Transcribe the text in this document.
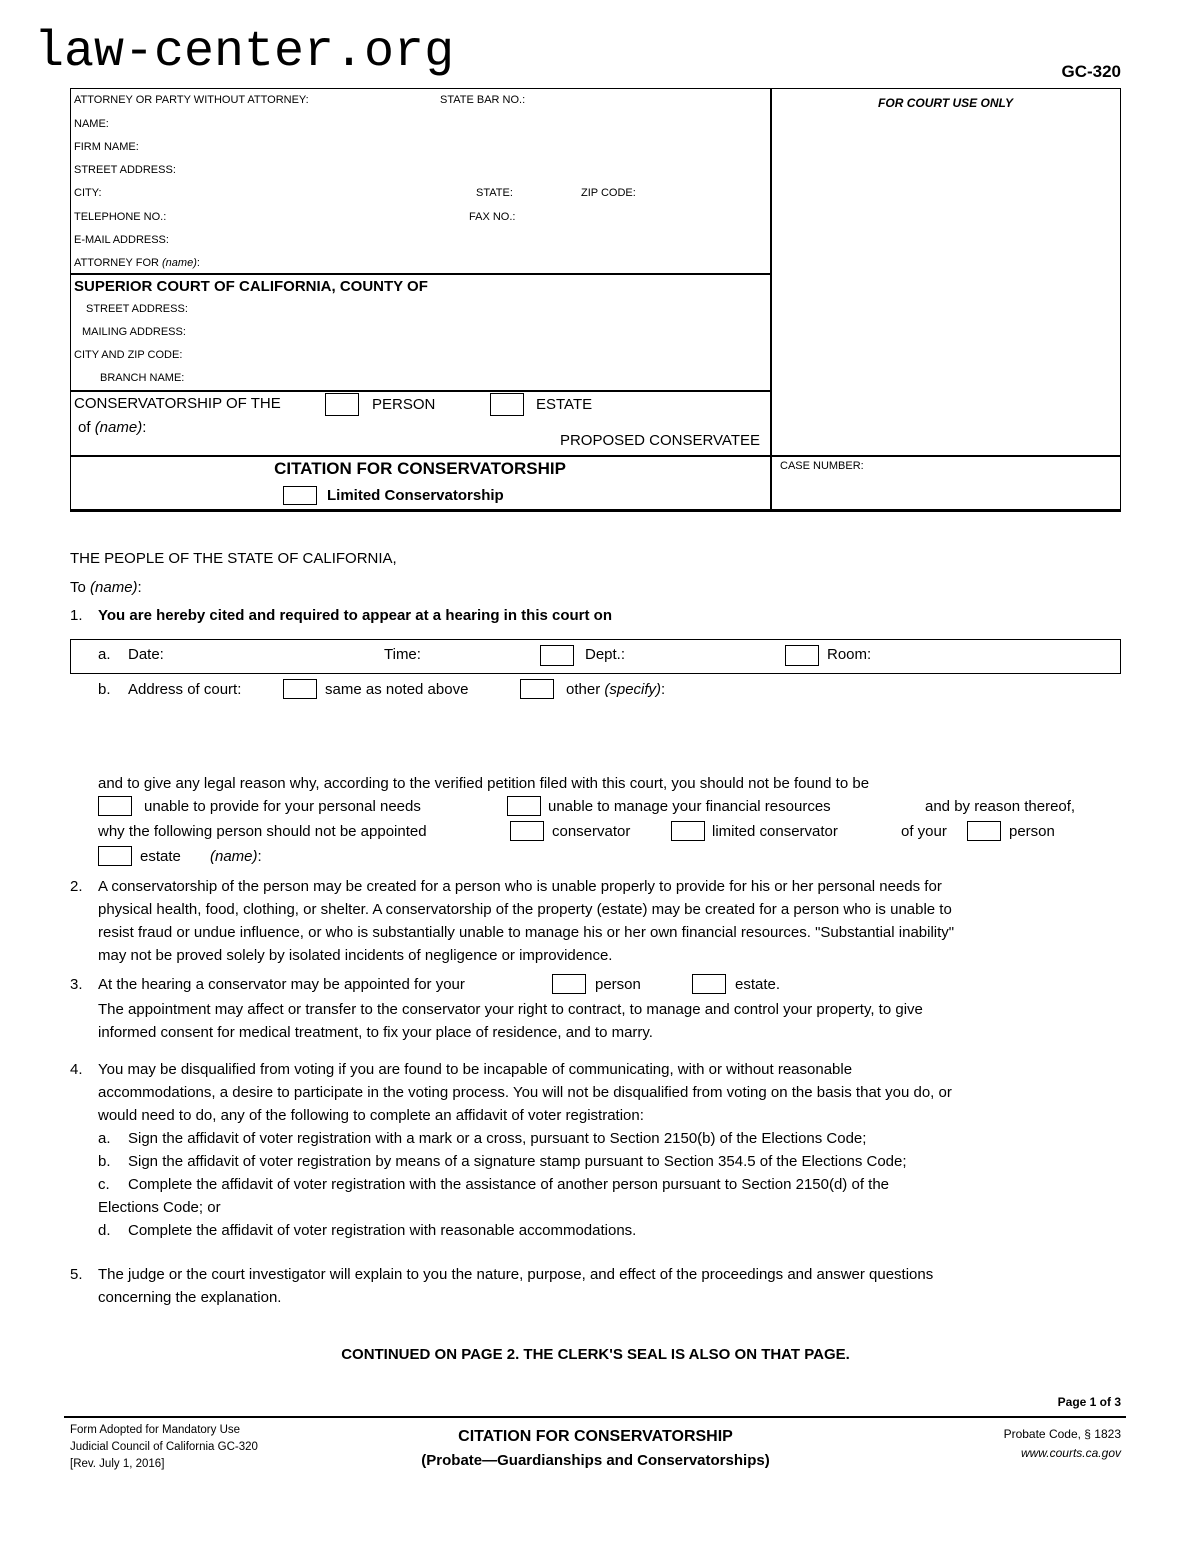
law-center.org	GC-320
ATTORNEY OR PARTY WITHOUT ATTORNEY:	STATE BAR NO.:
NAME:
FIRM NAME:
STREET ADDRESS:
CITY:	STATE:	ZIP CODE:
TELEPHONE NO.:	FAX NO.:
E-MAIL ADDRESS:
ATTORNEY FOR (name):
FOR COURT USE ONLY
SUPERIOR COURT OF CALIFORNIA, COUNTY OF
STREET ADDRESS:
MAILING ADDRESS:
CITY AND ZIP CODE:
BRANCH NAME:
CONSERVATORSHIP OF THE	PERSON	ESTATE
of (name):
PROPOSED CONSERVATEE
CITATION FOR CONSERVATORSHIP
Limited Conservatorship
CASE NUMBER:
THE PEOPLE OF THE STATE OF CALIFORNIA,
To (name):
1. You are hereby cited and required to appear at a hearing in this court on
a. Date:	Time:	Dept.:	Room:
b. Address of court:	same as noted above	other (specify):
and to give any legal reason why, according to the verified petition filed with this court, you should not be found to be
unable to provide for your personal needs	unable to manage your financial resources	and by reason thereof,
why the following person should not be appointed	conservator	limited conservator	of your	person
estate (name):
2. A conservatorship of the person may be created for a person who is unable properly to provide for his or her personal needs for
physical health, food, clothing, or shelter. A conservatorship of the property (estate) may be created for a person who is unable to
resist fraud or undue influence, or who is substantially unable to manage his or her own financial resources. "Substantial inability"
may not be proved solely by isolated incidents of negligence or improvidence.
3. At the hearing a conservator may be appointed for your	person	estate.
The appointment may affect or transfer to the conservator your right to contract, to manage and control your property, to give
informed consent for medical treatment, to fix your place of residence, and to marry.
4. You may be disqualified from voting if you are found to be incapable of communicating, with or without reasonable
accommodations, a desire to participate in the voting process. You will not be disqualified from voting on the basis that you do, or
would need to do, any of the following to complete an affidavit of voter registration:
a. Sign the affidavit of voter registration with a mark or a cross, pursuant to Section 2150(b) of the Elections Code;
b. Sign the affidavit of voter registration by means of a signature stamp pursuant to Section 354.5 of the Elections Code;
c. Complete the affidavit of voter registration with the assistance of another person pursuant to Section 2150(d) of the
Elections Code; or
d. Complete the affidavit of voter registration with reasonable accommodations.
5. The judge or the court investigator will explain to you the nature, purpose, and effect of the proceedings and answer questions
concerning the explanation.
CONTINUED ON PAGE 2. THE CLERK'S SEAL IS ALSO ON THAT PAGE.
Page 1 of 3
Form Adopted for Mandatory Use
Judicial Council of California GC-320
[Rev. July 1, 2016]
CITATION FOR CONSERVATORSHIP
(Probate—Guardianships and Conservatorships)
Probate Code, § 1823
www.courts.ca.gov
